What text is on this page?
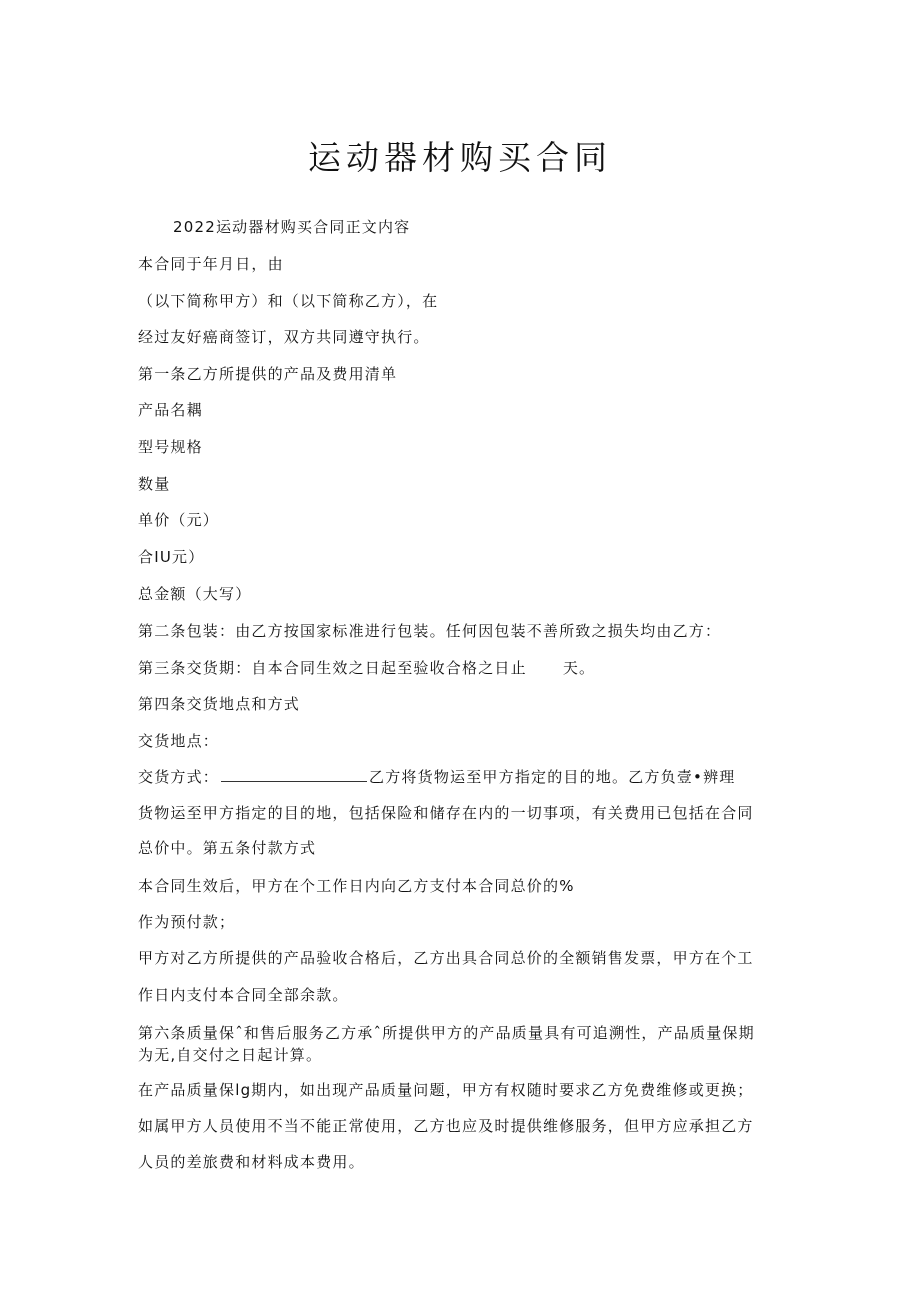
运动器材购买合同
2022运动器材购买合同正文内容
本合同于年月日，由
（以下简称甲方）和（以下简称乙方），在
经过友好癌商签订，双方共同遵守执行。
第一条乙方所提供的产品及费用清单
产品名耦
型号规格
数量
单价（元）
合IU元）
总金额（大写）
第二条包装：由乙方按国家标准进行包装。任何因包装不善所致之损失均由乙方：
第三条交货期：自本合同生效之日起至验收合格之日止 天。
第四条交货地点和方式
交货地点：
交货方式：	乙方将货物运至甲方指定的目的地。乙方负壹•辨理
货物运至甲方指定的目的地，包括保险和储存在内的一切事项，有关费用已包括在合同
总价中。第五条付款方式
本合同生效后，甲方在个工作日内向乙方支付本合同总价的%
作为预付款；
甲方对乙方所提供的产品验收合格后，乙方出具合同总价的全额销售发票，甲方在个工
作日内支付本合同全部余款。
第六条质量保ˆ和售后服务乙方承ˆ所提供甲方的产品质量具有可追溯性，产品质量保期
为无,自交付之日起计算。
在产品质量保lg期内，如出现产品质量问题，甲方有权随时要求乙方免费维修或更换；
如属甲方人员使用不当不能正常使用，乙方也应及时提供维修服务，但甲方应承担乙方
人员的差旅费和材料成本费用。
